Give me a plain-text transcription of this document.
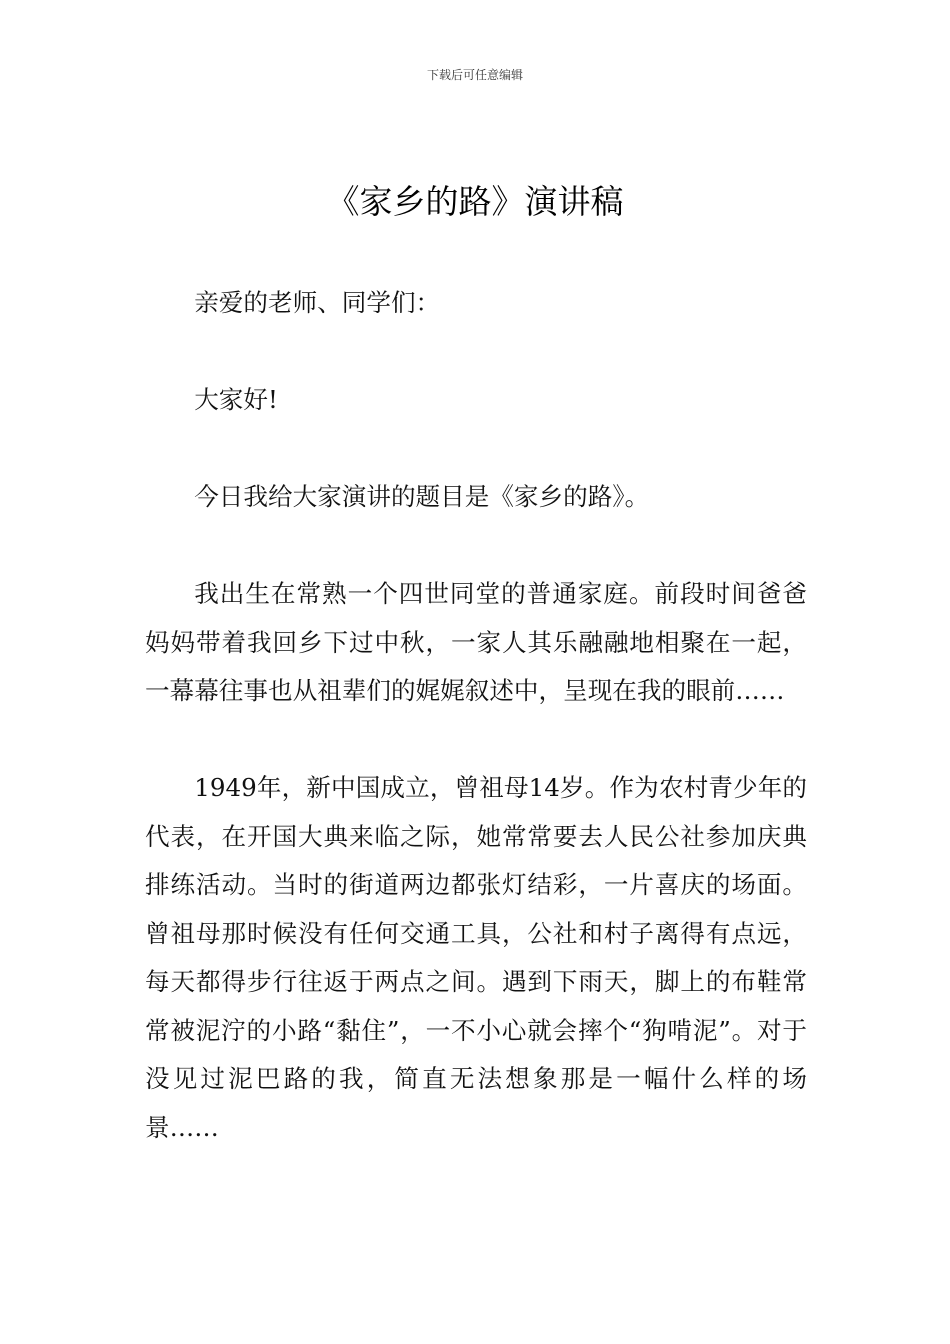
下载后可任意编辑
《家乡的路》演讲稿

亲爱的老师、同学们：

大家好!

今日我给大家演讲的题目是《家乡的路》。

我出生在常熟一个四世同堂的普通家庭。前段时间爸爸妈妈带着我回乡下过中秋，一家人其乐融融地相聚在一起，一幕幕往事也从祖辈们的娓娓叙述中，呈现在我的眼前……

1949年，新中国成立，曾祖母14岁。作为农村青少年的代表，在开国大典来临之际，她常常要去人民公社参加庆典排练活动。当时的街道两边都张灯结彩，一片喜庆的场面。曾祖母那时候没有任何交通工具，公社和村子离得有点远，每天都得步行往返于两点之间。遇到下雨天，脚上的布鞋常常被泥泞的小路“黏住”，一不小心就会摔个“狗啃泥”。对于没见过泥巴路的我，简直无法想象那是一幅什么样的场景……
